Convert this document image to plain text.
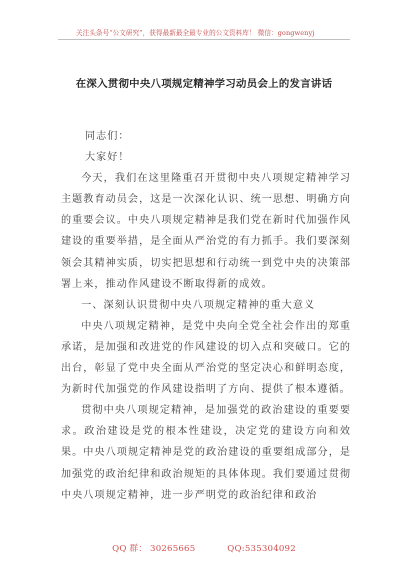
关注头条号“公文研究”，获得最新最全最专业的公文资料库！ 微信：gongwenyj
在深入贯彻中央八项规定精神学习动员会上的发言讲话

同志们：

大家好！

今天，我们在这里隆重召开贯彻中央八项规定精神学习主题教育动员会，这是一次深化认识、统一思想、明确方向的重要会议。中央八项规定精神是我们党在新时代加强作风建设的重要举措，是全面从严治党的有力抓手。我们要深刻领会其精神实质，切实把思想和行动统一到党中央的决策部署上来，推动作风建设不断取得新的成效。

一、深刻认识贯彻中央八项规定精神的重大意义

中央八项规定精神，是党中央向全党全社会作出的郑重承诺，是加强和改进党的作风建设的切入点和突破口。它的出台，彰显了党中央全面从严治党的坚定决心和鲜明态度，为新时代加强党的作风建设指明了方向、提供了根本遵循。

贯彻中央八项规定精神，是加强党的政治建设的重要要求。政治建设是党的根本性建设，决定党的建设方向和效果。中央八项规定精神是党的政治建设的重要组成部分，是加强党的政治纪律和政治规矩的具体体现。我们要通过贯彻中央八项规定精神，进一步严明党的政治纪律和政治

QQ 群： 30265665	QQ:535304092
